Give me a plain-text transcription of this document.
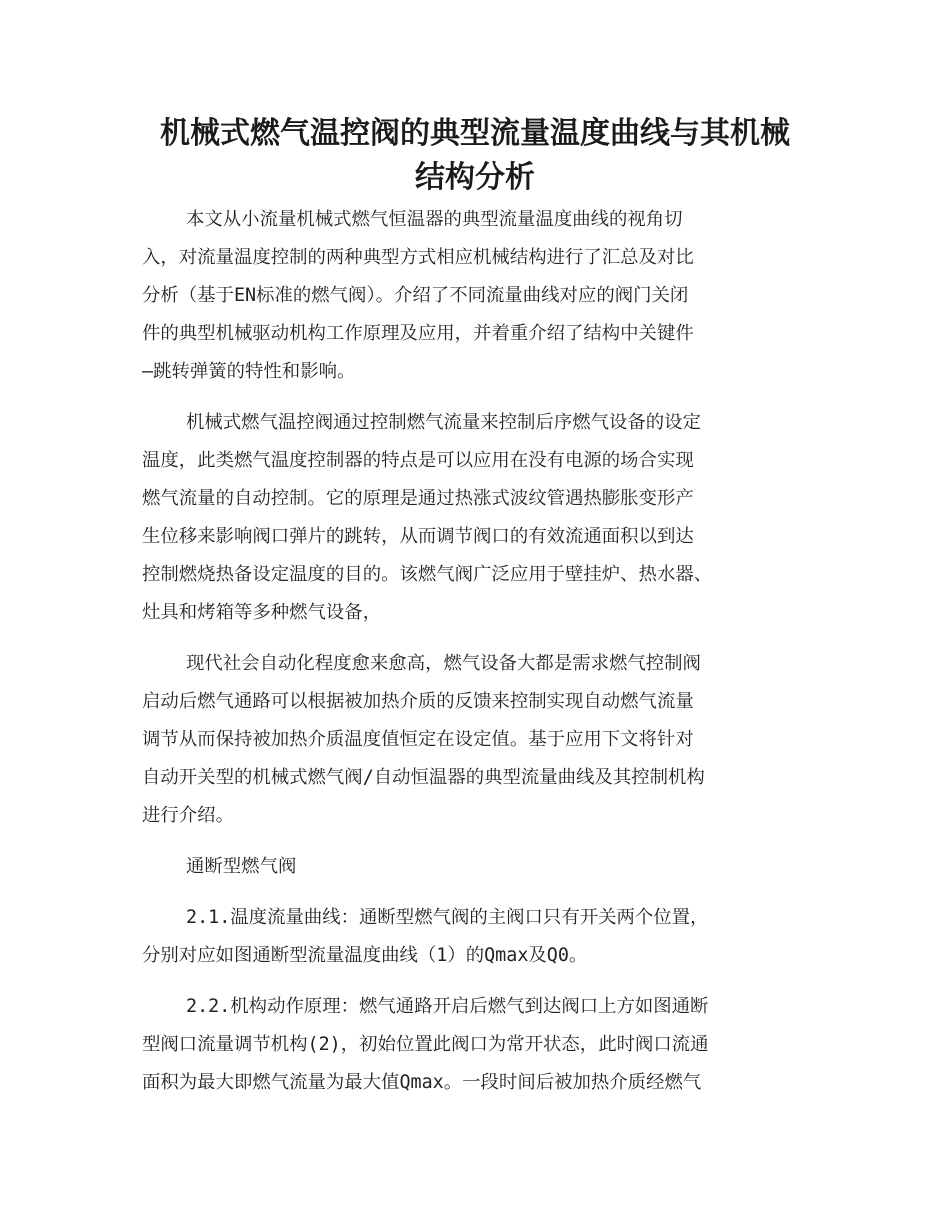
机械式燃气温控阀的典型流量温度曲线与其机械
结构分析
本文从小流量机械式燃气恒温器的典型流量温度曲线的视角切
入，对流量温度控制的两种典型方式相应机械结构进行了汇总及对比
分析（基于EN标准的燃气阀）。介绍了不同流量曲线对应的阀门关闭
件的典型机械驱动机构工作原理及应用，并着重介绍了结构中关键件
—跳转弹簧的特性和影响。
机械式燃气温控阀通过控制燃气流量来控制后序燃气设备的设定
温度，此类燃气温度控制器的特点是可以应用在没有电源的场合实现
燃气流量的自动控制。它的原理是通过热涨式波纹管遇热膨胀变形产
生位移来影响阀口弹片的跳转，从而调节阀口的有效流通面积以到达
控制燃烧热备设定温度的目的。该燃气阀广泛应用于壁挂炉、热水器、
灶具和烤箱等多种燃气设备，
现代社会自动化程度愈来愈高，燃气设备大都是需求燃气控制阀
启动后燃气通路可以根据被加热介质的反馈来控制实现自动燃气流量
调节从而保持被加热介质温度值恒定在设定值。基于应用下文将针对
自动开关型的机械式燃气阀/自动恒温器的典型流量曲线及其控制机构
进行介绍。
通断型燃气阀
2.1.温度流量曲线：通断型燃气阀的主阀口只有开关两个位置，
分别对应如图通断型流量温度曲线（1）的Qmax及Q0。
2.2.机构动作原理：燃气通路开启后燃气到达阀口上方如图通断
型阀口流量调节机构(2)，初始位置此阀口为常开状态，此时阀口流通
面积为最大即燃气流量为最大值Qmax。一段时间后被加热介质经燃气
